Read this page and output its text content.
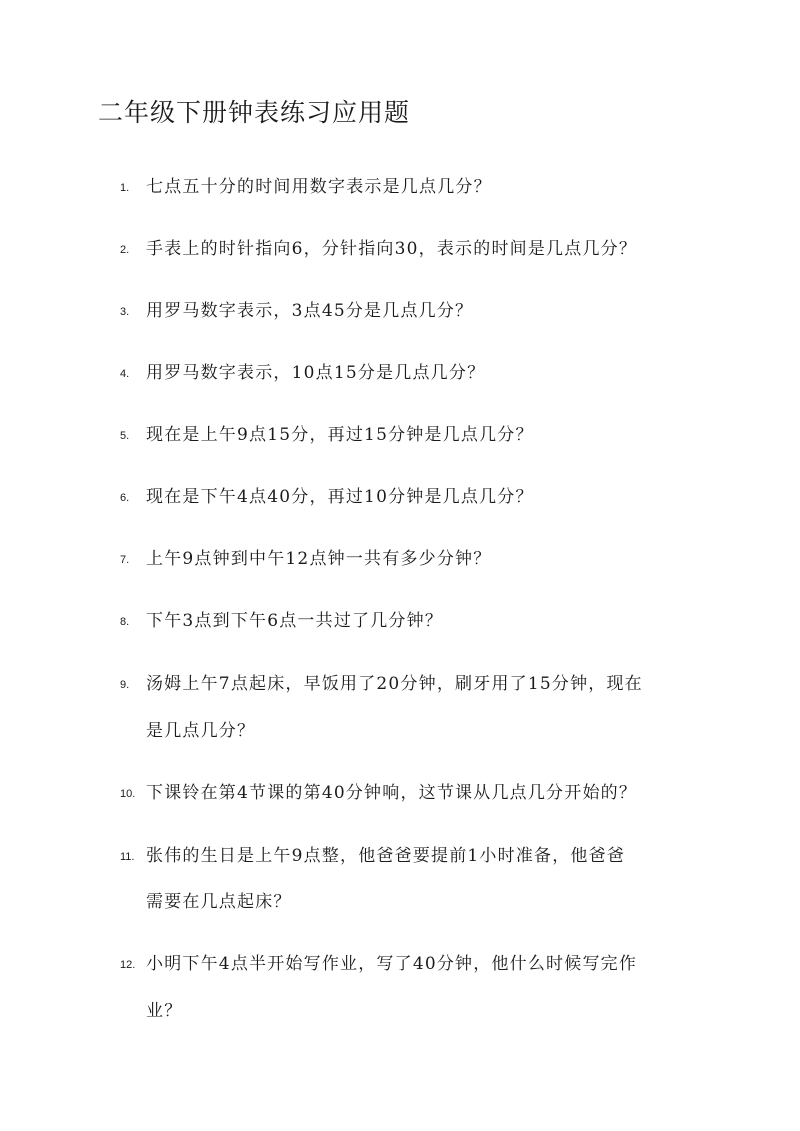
二年级下册钟表练习应用题
1. 七点五十分的时间用数字表示是几点几分？
2. 手表上的时针指向6，分针指向30，表示的时间是几点几分？
3. 用罗马数字表示，3点45分是几点几分？
4. 用罗马数字表示，10点15分是几点几分？
5. 现在是上午9点15分，再过15分钟是几点几分？
6. 现在是下午4点40分，再过10分钟是几点几分？
7. 上午9点钟到中午12点钟一共有多少分钟？
8. 下午3点到下午6点一共过了几分钟？
9. 汤姆上午7点起床，早饭用了20分钟，刷牙用了15分钟，现在
是几点几分？
10. 下课铃在第4节课的第40分钟响，这节课从几点几分开始的？
11. 张伟的生日是上午9点整，他爸爸要提前1小时准备，他爸爸
需要在几点起床？
12. 小明下午4点半开始写作业，写了40分钟，他什么时候写完作
业？
